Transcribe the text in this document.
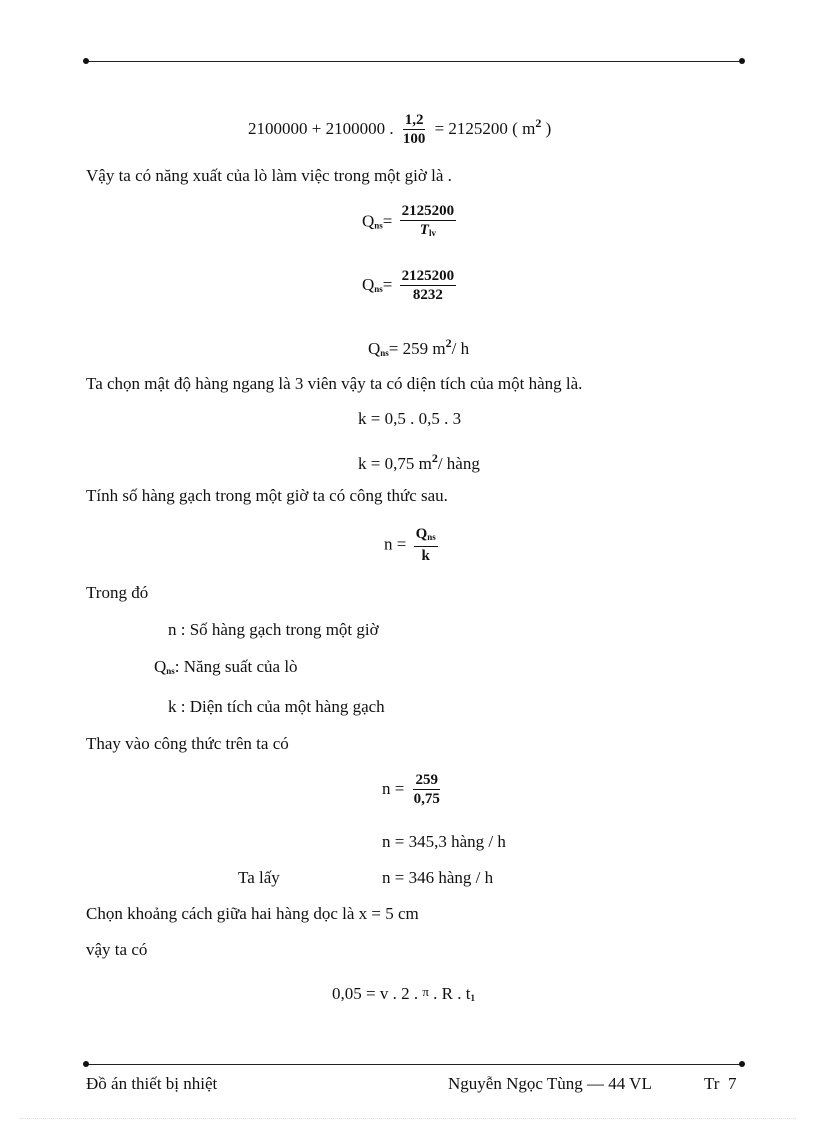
2100000 + 2100000 . $\frac{1,2}{100} = 2125200$ ( $m^2$ )
Vậy ta có năng xuất của lò làm việc trong một giờ là .
$Q_{ns}= \frac{2125200}{T_{lv}}$
$Q_{ns}= \frac{2125200}{8232}$
$Q_{ns}= 259$ $m^2/$ h
Ta chọn mật độ hàng ngang là 3 viên vậy ta có diện tích của một hàng là.
k = 0,5 . 0,5 . 3
k = 0,75 $m^2/$ hàng
Tính số hàng gạch trong một giờ ta có công thức sau.
$n = \frac{Q_{ns}}{k}$
Trong đó
n : Số hàng gạch trong một giờ
$Q_{ns}$: Năng suất của lò
k : Diện tích của một hàng gạch
Thay vào công thức trên ta có
$n = \frac{259}{0,75}$
n = 345,3 hàng / h
Ta lấy	n = 346 hàng / h
Chọn khoảng cách giữa hai hàng dọc là x = 5 cm
vậy ta có
0,05 = v . 2 . π . R . $t_1$
Đồ án thiết bị nhiệt	Nguyễn Ngọc Tùng — 44 VL	Tr  7
